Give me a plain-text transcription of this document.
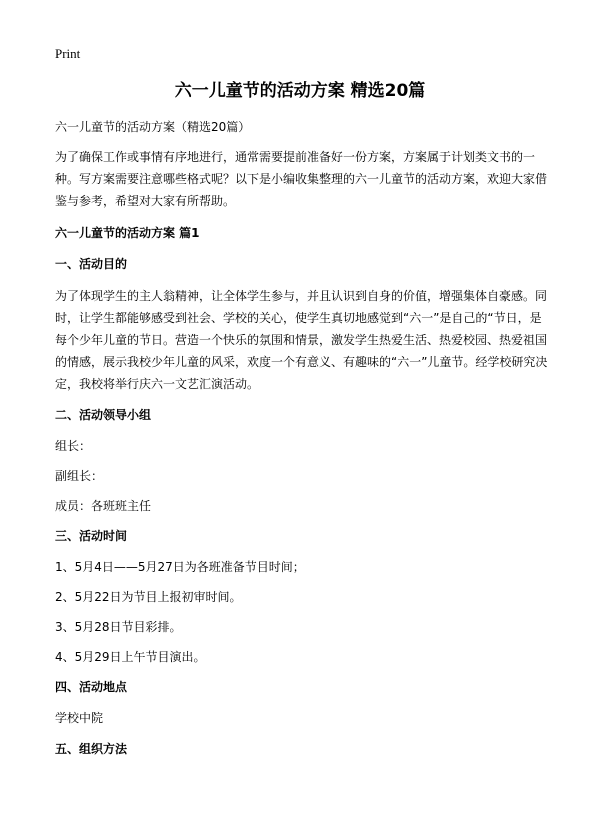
Print
六一儿童节的活动方案 精选20篇

六一儿童节的活动方案（精选20篇）

为了确保工作或事情有序地进行，通常需要提前准备好一份方案，方案属于计划类文书的一种。写方案需要注意哪些格式呢？以下是小编收集整理的六一儿童节的活动方案，欢迎大家借鉴与参考，希望对大家有所帮助。

六一儿童节的活动方案 篇1
一、活动目的

为了体现学生的主人翁精神，让全体学生参与，并且认识到自身的价值，增强集体自豪感。同时，让学生都能够感受到社会、学校的关心，使学生真切地感觉到“六一”是自己的“节日，是每个少年儿童的节日。营造一个快乐的氛围和情景，激发学生热爱生活、热爱校园、热爱祖国的情感，展示我校少年儿童的风采，欢度一个有意义、有趣味的“六一”儿童节。经学校研究决定，我校将举行庆六一文艺汇演活动。

二、活动领导小组

组长：

副组长：

成员：各班班主任

三、活动时间

1、5月4日——5月27日为各班准备节目时间；

2、5月22日为节目上报初审时间。

3、5月28日节目彩排。

4、5月29日上午节目演出。

四、活动地点

学校中院

五、组织方法
